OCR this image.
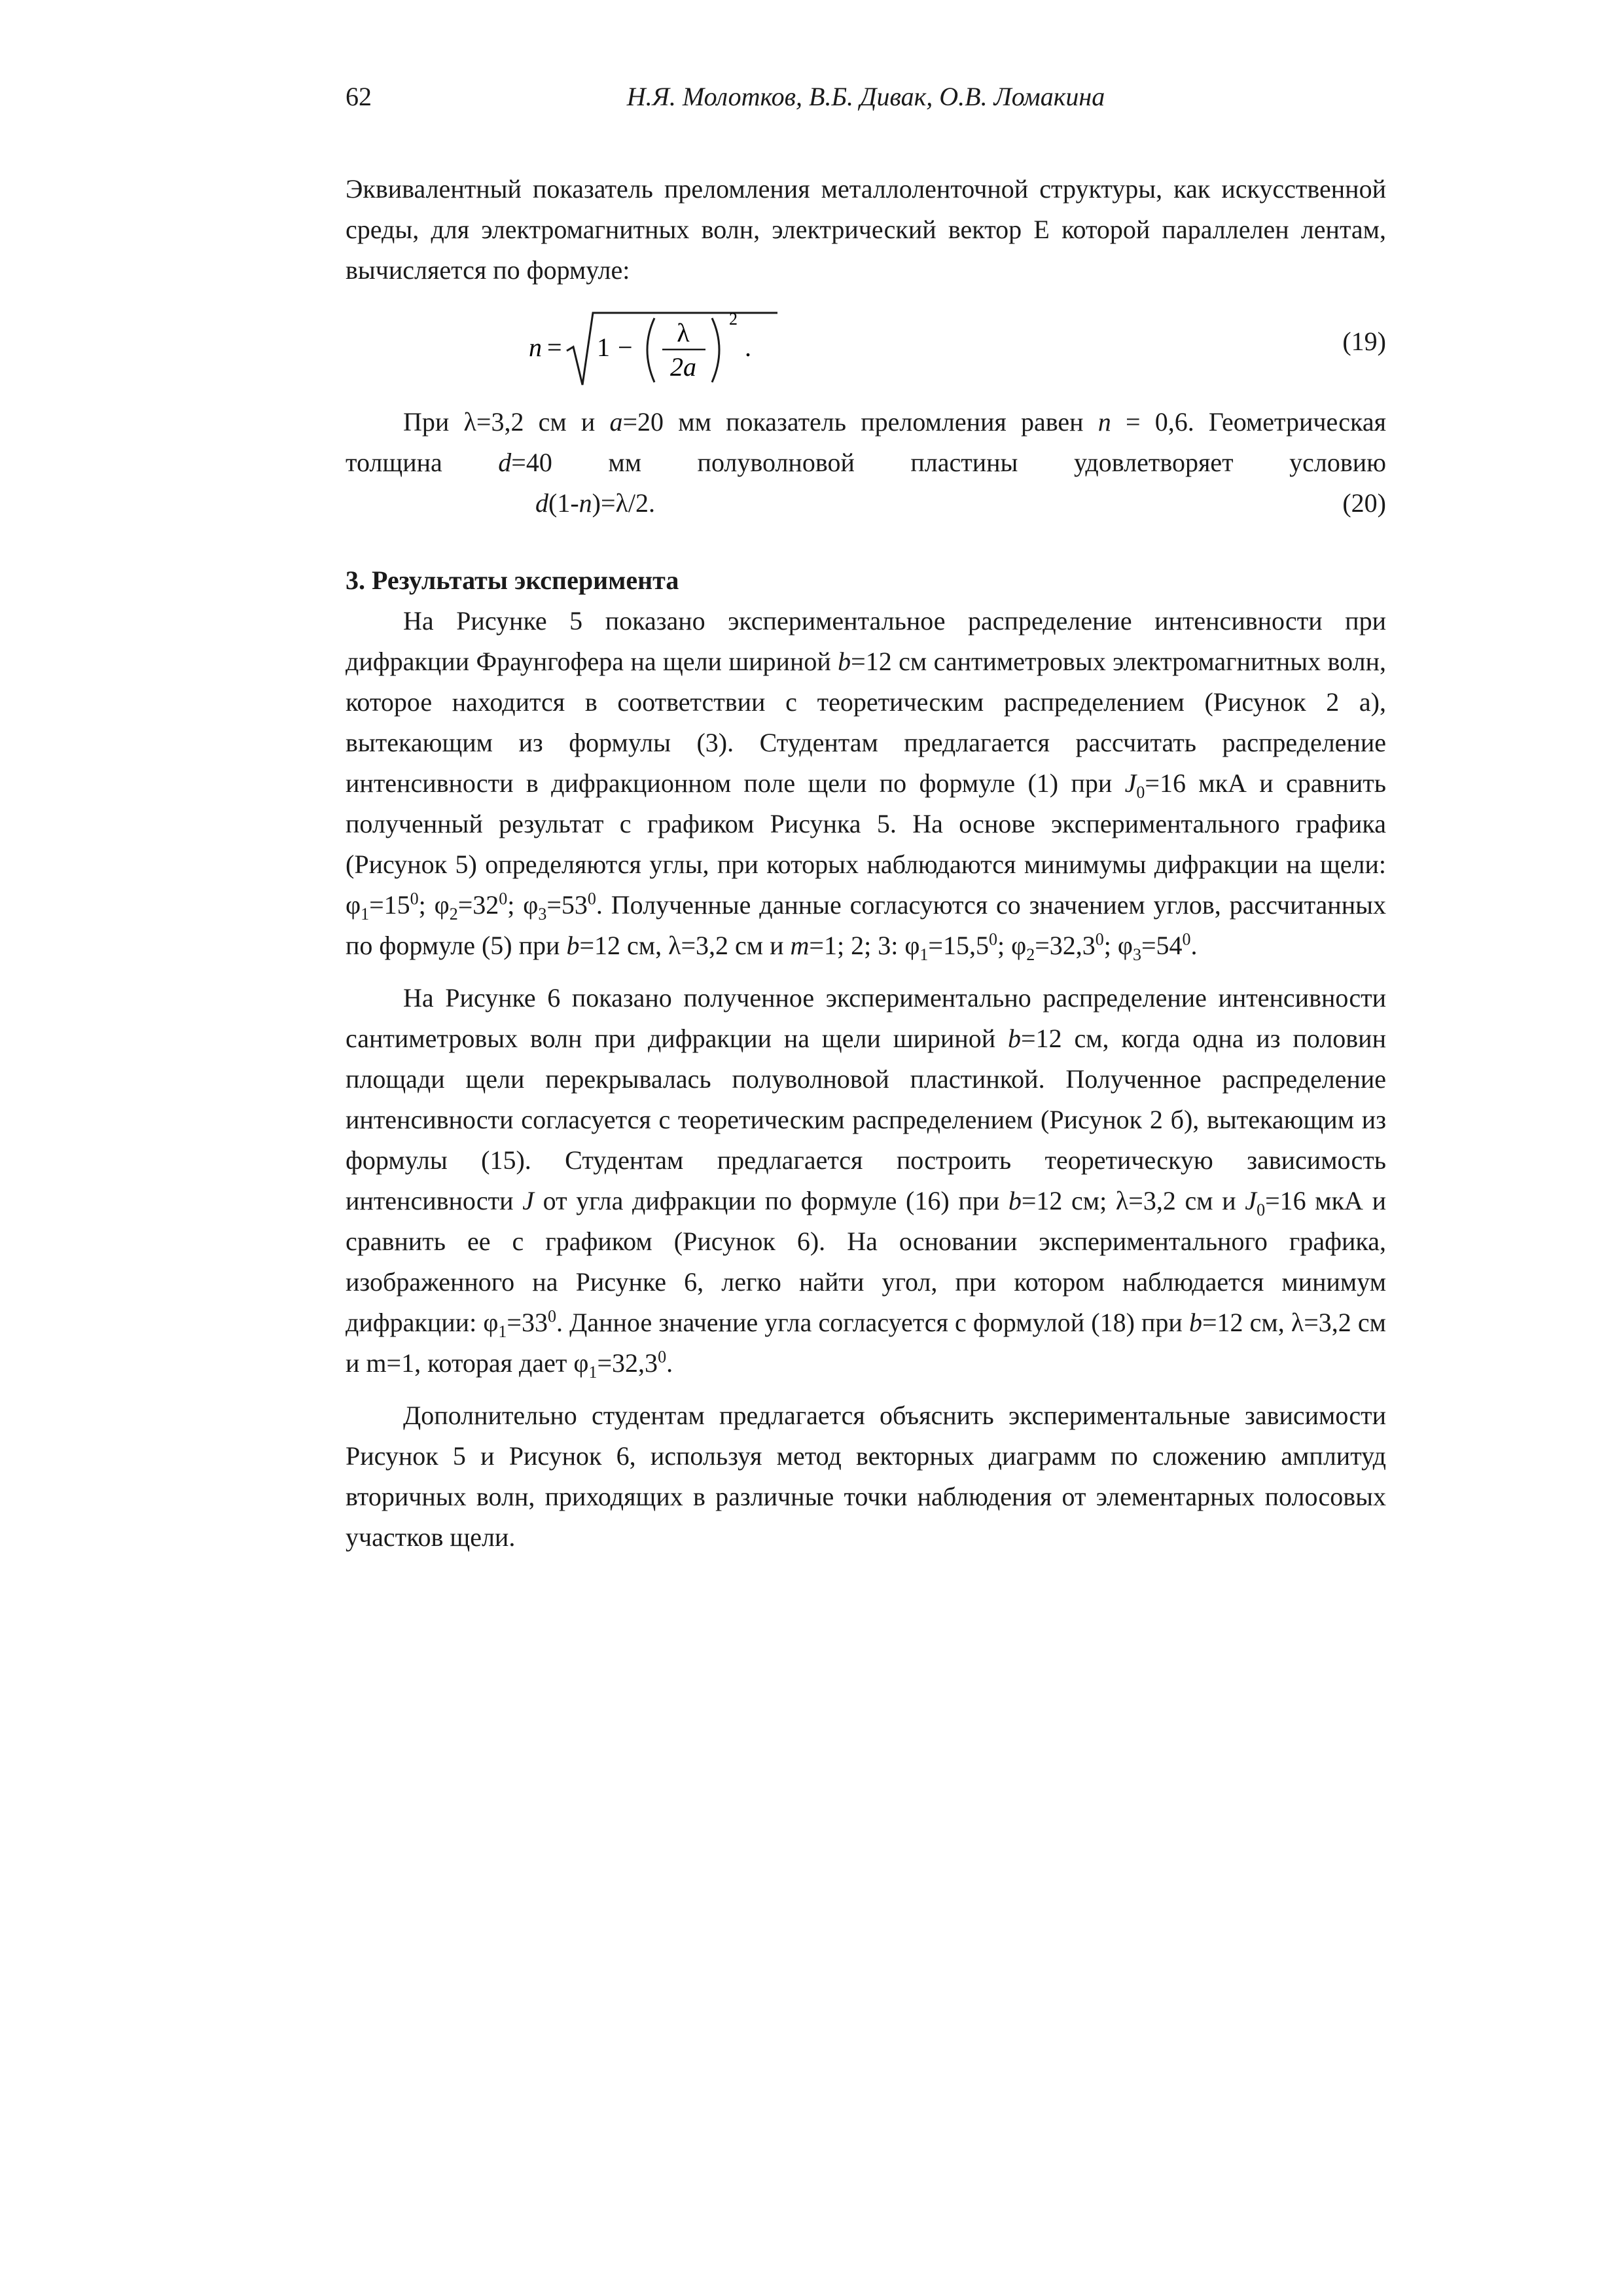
62	Н.Я. Молотков, В.Б. Дивак, О.В. Ломакина

Эквивалентный показатель преломления металлоленточной структуры, как искусственной среды, для электромагнитных волн, электрический вектор E которой параллелен лентам, вычисляется по формуле:

n = 1 − λ
2a
2
.	(19)

При λ=3,2 см и a=20 мм показатель преломления равен n = 0,6. Геометрическая толщина d=40 мм полуволновой пластины удовлетворяет условию

d(1-n)=λ/2.	(20)
3. Результаты эксперимента

На Рисунке 5 показано экспериментальное распределение интенсивности при дифракции Фраунгофера на щели шириной b=12 см сантиметровых электромагнитных волн, которое находится в соответствии с теоретическим распределением (Рисунок 2 а), вытекающим из формулы (3). Студентам предлагается рассчитать распределение интенсивности в дифракционном поле щели по формуле (1) при $J_0=16$ мкА и сравнить полученный результат с графиком Рисунка 5. На основе экспериментального графика (Рисунок 5) определяются углы, при которых наблюдаются минимумы дифракции на щели: $\varphi_1=15^0$; $\varphi_2=32^0$; $\varphi_3=53^0$. Полученные данные согласуются со значением углов, рассчитанных по формуле (5) при b=12 см, λ=3,2 см и m=1; 2; 3: $\varphi_1=15,5^0$; $\varphi_2=32,3^0$; $\varphi_3=54^0$.

На Рисунке 6 показано полученное экспериментально распределение интенсивности сантиметровых волн при дифракции на щели шириной b=12 см, когда одна из половин площади щели перекрывалась полуволновой пластинкой. Полученное распределение интенсивности согласуется с теоретическим распределением (Рисунок 2 б), вытекающим из формулы (15). Студентам предлагается построить теоретическую зависимость интенсивности J от угла дифракции по формуле (16) при b=12 см; λ=3,2 см и $J_0=16$ мкА и сравнить ее с графиком (Рисунок 6). На основании экспериментального графика, изображенного на Рисунке 6, легко найти угол, при котором наблюдается минимум дифракции: $\varphi_1=33^0$. Данное значение угла согласуется с формулой (18) при b=12 см, λ=3,2 см и m=1, которая дает $\varphi_1=32,3^0$.

Дополнительно студентам предлагается объяснить экспериментальные зависимости Рисунок 5 и Рисунок 6, используя метод векторных диаграмм по сложению амплитуд вторичных волн, приходящих в различные точки наблюдения от элементарных полосовых участков щели.
